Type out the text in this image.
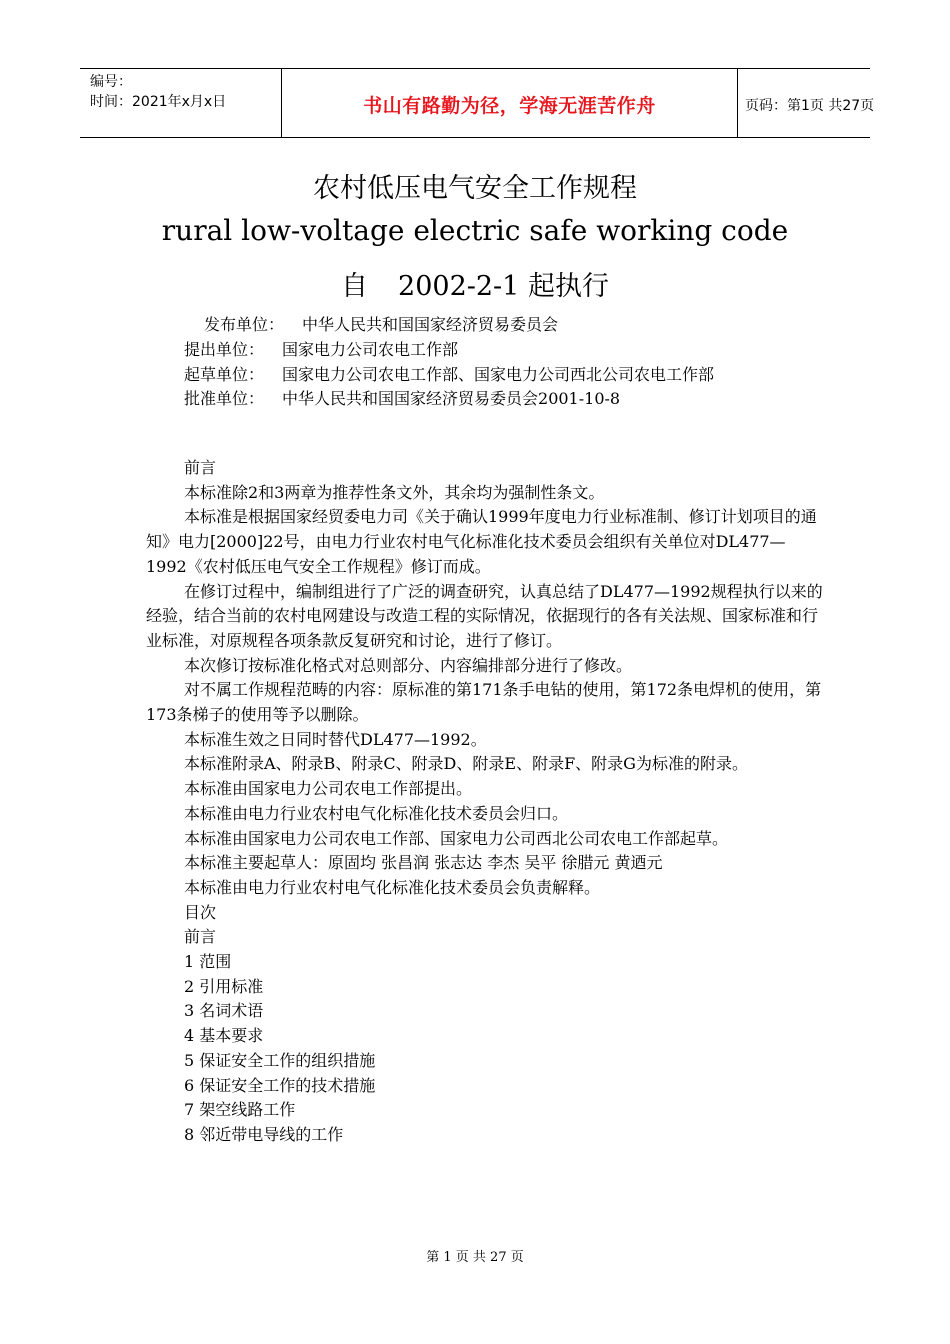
编号：
时间：2021年x月x日	书山有路勤为径，学海无涯苦作舟	页码：第1页 共27页
农村低压电气安全工作规程
rural low-voltage electric safe working code
自 2002-2-1 起执行
发布单位： 中华人民共和国国家经济贸易委员会
提出单位： 国家电力公司农电工作部
起草单位： 国家电力公司农电工作部、国家电力公司西北公司农电工作部
批准单位： 中华人民共和国国家经济贸易委员会2001-10-8

前言

本标准除2和3两章为推荐性条文外，其余均为强制性条文。

本标准是根据国家经贸委电力司《关于确认1999年度电力行业标准制、修订计划项目的通知》电力[2000]22号，由电力行业农村电气化标准化技术委员会组织有关单位对DL477—1992《农村低压电气安全工作规程》修订而成。

在修订过程中，编制组进行了广泛的调查研究，认真总结了DL477—1992规程执行以来的经验，结合当前的农村电网建设与改造工程的实际情况，依据现行的各有关法规、国家标准和行业标准，对原规程各项条款反复研究和讨论，进行了修订。

本次修订按标准化格式对总则部分、内容编排部分进行了修改。

对不属工作规程范畴的内容：原标准的第171条手电钻的使用，第172条电焊机的使用，第173条梯子的使用等予以删除。

本标准生效之日同时替代DL477—1992。

本标准附录A、附录B、附录C、附录D、附录E、附录F、附录G为标准的附录。

本标准由国家电力公司农电工作部提出。

本标准由电力行业农村电气化标准化技术委员会归口。

本标准由国家电力公司农电工作部、国家电力公司西北公司农电工作部起草。

本标准主要起草人：原固均 张昌润 张志达 李杰 吴平 徐腊元 黄迺元

本标准由电力行业农村电气化标准化技术委员会负责解释。

目次

前言

1 范围

2 引用标准

3 名词术语

4 基本要求

5 保证安全工作的组织措施

6 保证安全工作的技术措施

7 架空线路工作

8 邻近带电导线的工作

第 1 页 共 27 页
